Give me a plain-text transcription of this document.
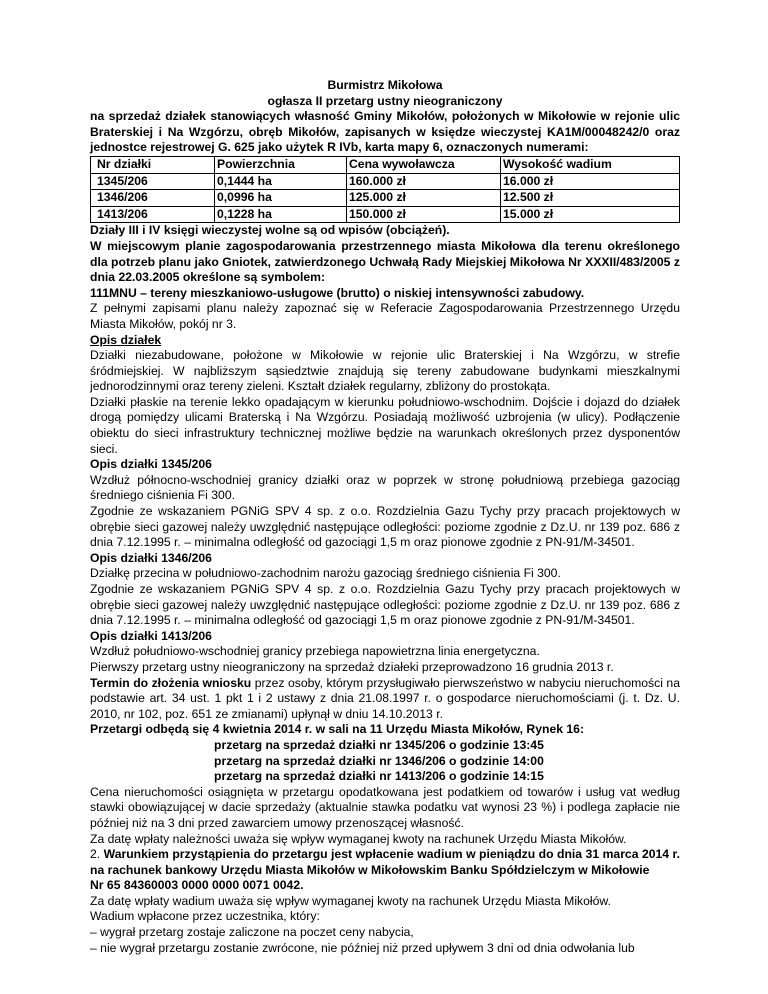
Burmistrz Mikołowa

ogłasza II przetarg ustny nieograniczony

na sprzedaż działek stanowiących własność Gminy Mikołów, położonych w Mikołowie w rejonie ulic Braterskiej i Na Wzgórzu, obręb Mikołów, zapisanych w księdze wieczystej KA1M/00048242/0 oraz jednostce rejestrowej G. 625 jako użytek R IVb, karta mapy 6, oznaczonych numerami:

Nr działki	Powierzchnia	Cena wywoławcza	Wysokość wadium
1345/206	0,1444 ha	160.000 zł	16.000 zł
1346/206	0,0996 ha	125.000 zł	12.500 zł
1413/206	0,1228 ha	150.000 zł	15.000 zł

Działy III i IV księgi wieczystej wolne są od wpisów (obciążeń).

W miejscowym planie zagospodarowania przestrzennego miasta Mikołowa dla terenu określonego dla potrzeb planu jako Gniotek, zatwierdzonego Uchwałą Rady Miejskiej Mikołowa Nr XXXII/483/2005 z dnia 22.03.2005 określone są symbolem:

111MNU – tereny mieszkaniowo-usługowe (brutto) o niskiej intensywności zabudowy.

Z pełnymi zapisami planu należy zapoznać się w Referacie Zagospodarowania Przestrzennego Urzędu Miasta Mikołów, pokój nr 3.

Opis działek

Działki niezabudowane, położone w Mikołowie w rejonie ulic Braterskiej i Na Wzgórzu, w strefie śródmiejskiej. W najbliższym sąsiedztwie znajdują się tereny zabudowane budynkami mieszkalnymi jednorodzinnymi oraz tereny zieleni. Kształt działek regularny, zbliżony do prostokąta.

Działki płaskie na terenie lekko opadającym w kierunku południowo-wschodnim. Dojście i dojazd do działek drogą pomiędzy ulicami Braterską i Na Wzgórzu. Posiadają możliwość uzbrojenia (w ulicy). Podłączenie obiektu do sieci infrastruktury technicznej możliwe będzie na warunkach określonych przez dysponentów sieci.

Opis działki 1345/206

Wzdłuż północno-wschodniej granicy działki oraz w poprzek w stronę południową przebiega gazociąg średniego ciśnienia Fi 300.

Zgodnie ze wskazaniem PGNiG SPV 4 sp. z o.o. Rozdzielnia Gazu Tychy przy pracach projektowych w obrębie sieci gazowej należy uwzględnić następujące odległości: poziome zgodnie z Dz.U. nr 139 poz. 686 z dnia 7.12.1995 r. – minimalna odległość od gazociągi 1,5 m oraz pionowe zgodnie z PN-91/M-34501.

Opis działki 1346/206

Działkę przecina w południowo-zachodnim narożu gazociąg średniego ciśnienia Fi 300.

Zgodnie ze wskazaniem PGNiG SPV 4 sp. z o.o. Rozdzielnia Gazu Tychy przy pracach projektowych w obrębie sieci gazowej należy uwzględnić następujące odległości: poziome zgodnie z Dz.U. nr 139 poz. 686 z dnia 7.12.1995 r. – minimalna odległość od gazociągi 1,5 m oraz pionowe zgodnie z PN-91/M-34501.

Opis działki 1413/206

Wzdłuż południowo-wschodniej granicy przebiega napowietrzna linia energetyczna.

Pierwszy przetarg ustny nieograniczony na sprzedaż działeki przeprowadzono 16 grudnia 2013 r.

Termin do złożenia wniosku przez osoby, którym przysługiwało pierwszeństwo w nabyciu nieruchomości na podstawie art. 34 ust. 1 pkt 1 i 2 ustawy z dnia 21.08.1997 r. o gospodarce nieruchomościami (j. t. Dz. U. 2010, nr 102, poz. 651 ze zmianami) upłynął w dniu 14.10.2013 r.

Przetargi odbędą się 4 kwietnia 2014 r. w sali na 11 Urzędu Miasta Mikołów, Rynek 16:

przetarg na sprzedaż działki nr 1345/206 o godzinie 13:45

przetarg na sprzedaż działki nr 1346/206 o godzinie 14:00

przetarg na sprzedaż działki nr 1413/206 o godzinie 14:15

Cena nieruchomości osiągnięta w przetargu opodatkowana jest podatkiem od towarów i usług vat według stawki obowiązującej w dacie sprzedaży (aktualnie stawka podatku vat wynosi 23 %) i podlega zapłacie nie później niż na 3 dni przed zawarciem umowy przenoszącej własność.

Za datę wpłaty należności uważa się wpływ wymaganej kwoty na rachunek Urzędu Miasta Mikołów.

2. Warunkiem przystąpienia do przetargu jest wpłacenie wadium w pieniądzu do dnia 31 marca 2014 r. na rachunek bankowy Urzędu Miasta Mikołów w Mikołowskim Banku Spółdzielczym w Mikołowie

Nr 65 84360003 0000 0000 0071 0042.

Za datę wpłaty wadium uważa się wpływ wymaganej kwoty na rachunek Urzędu Miasta Mikołów.

Wadium wpłacone przez uczestnika, który:

– wygrał przetarg zostaje zaliczone na poczet ceny nabycia,

– nie wygrał przetargu zostanie zwrócone, nie później niż przed upływem 3 dni od dnia odwołania lub
